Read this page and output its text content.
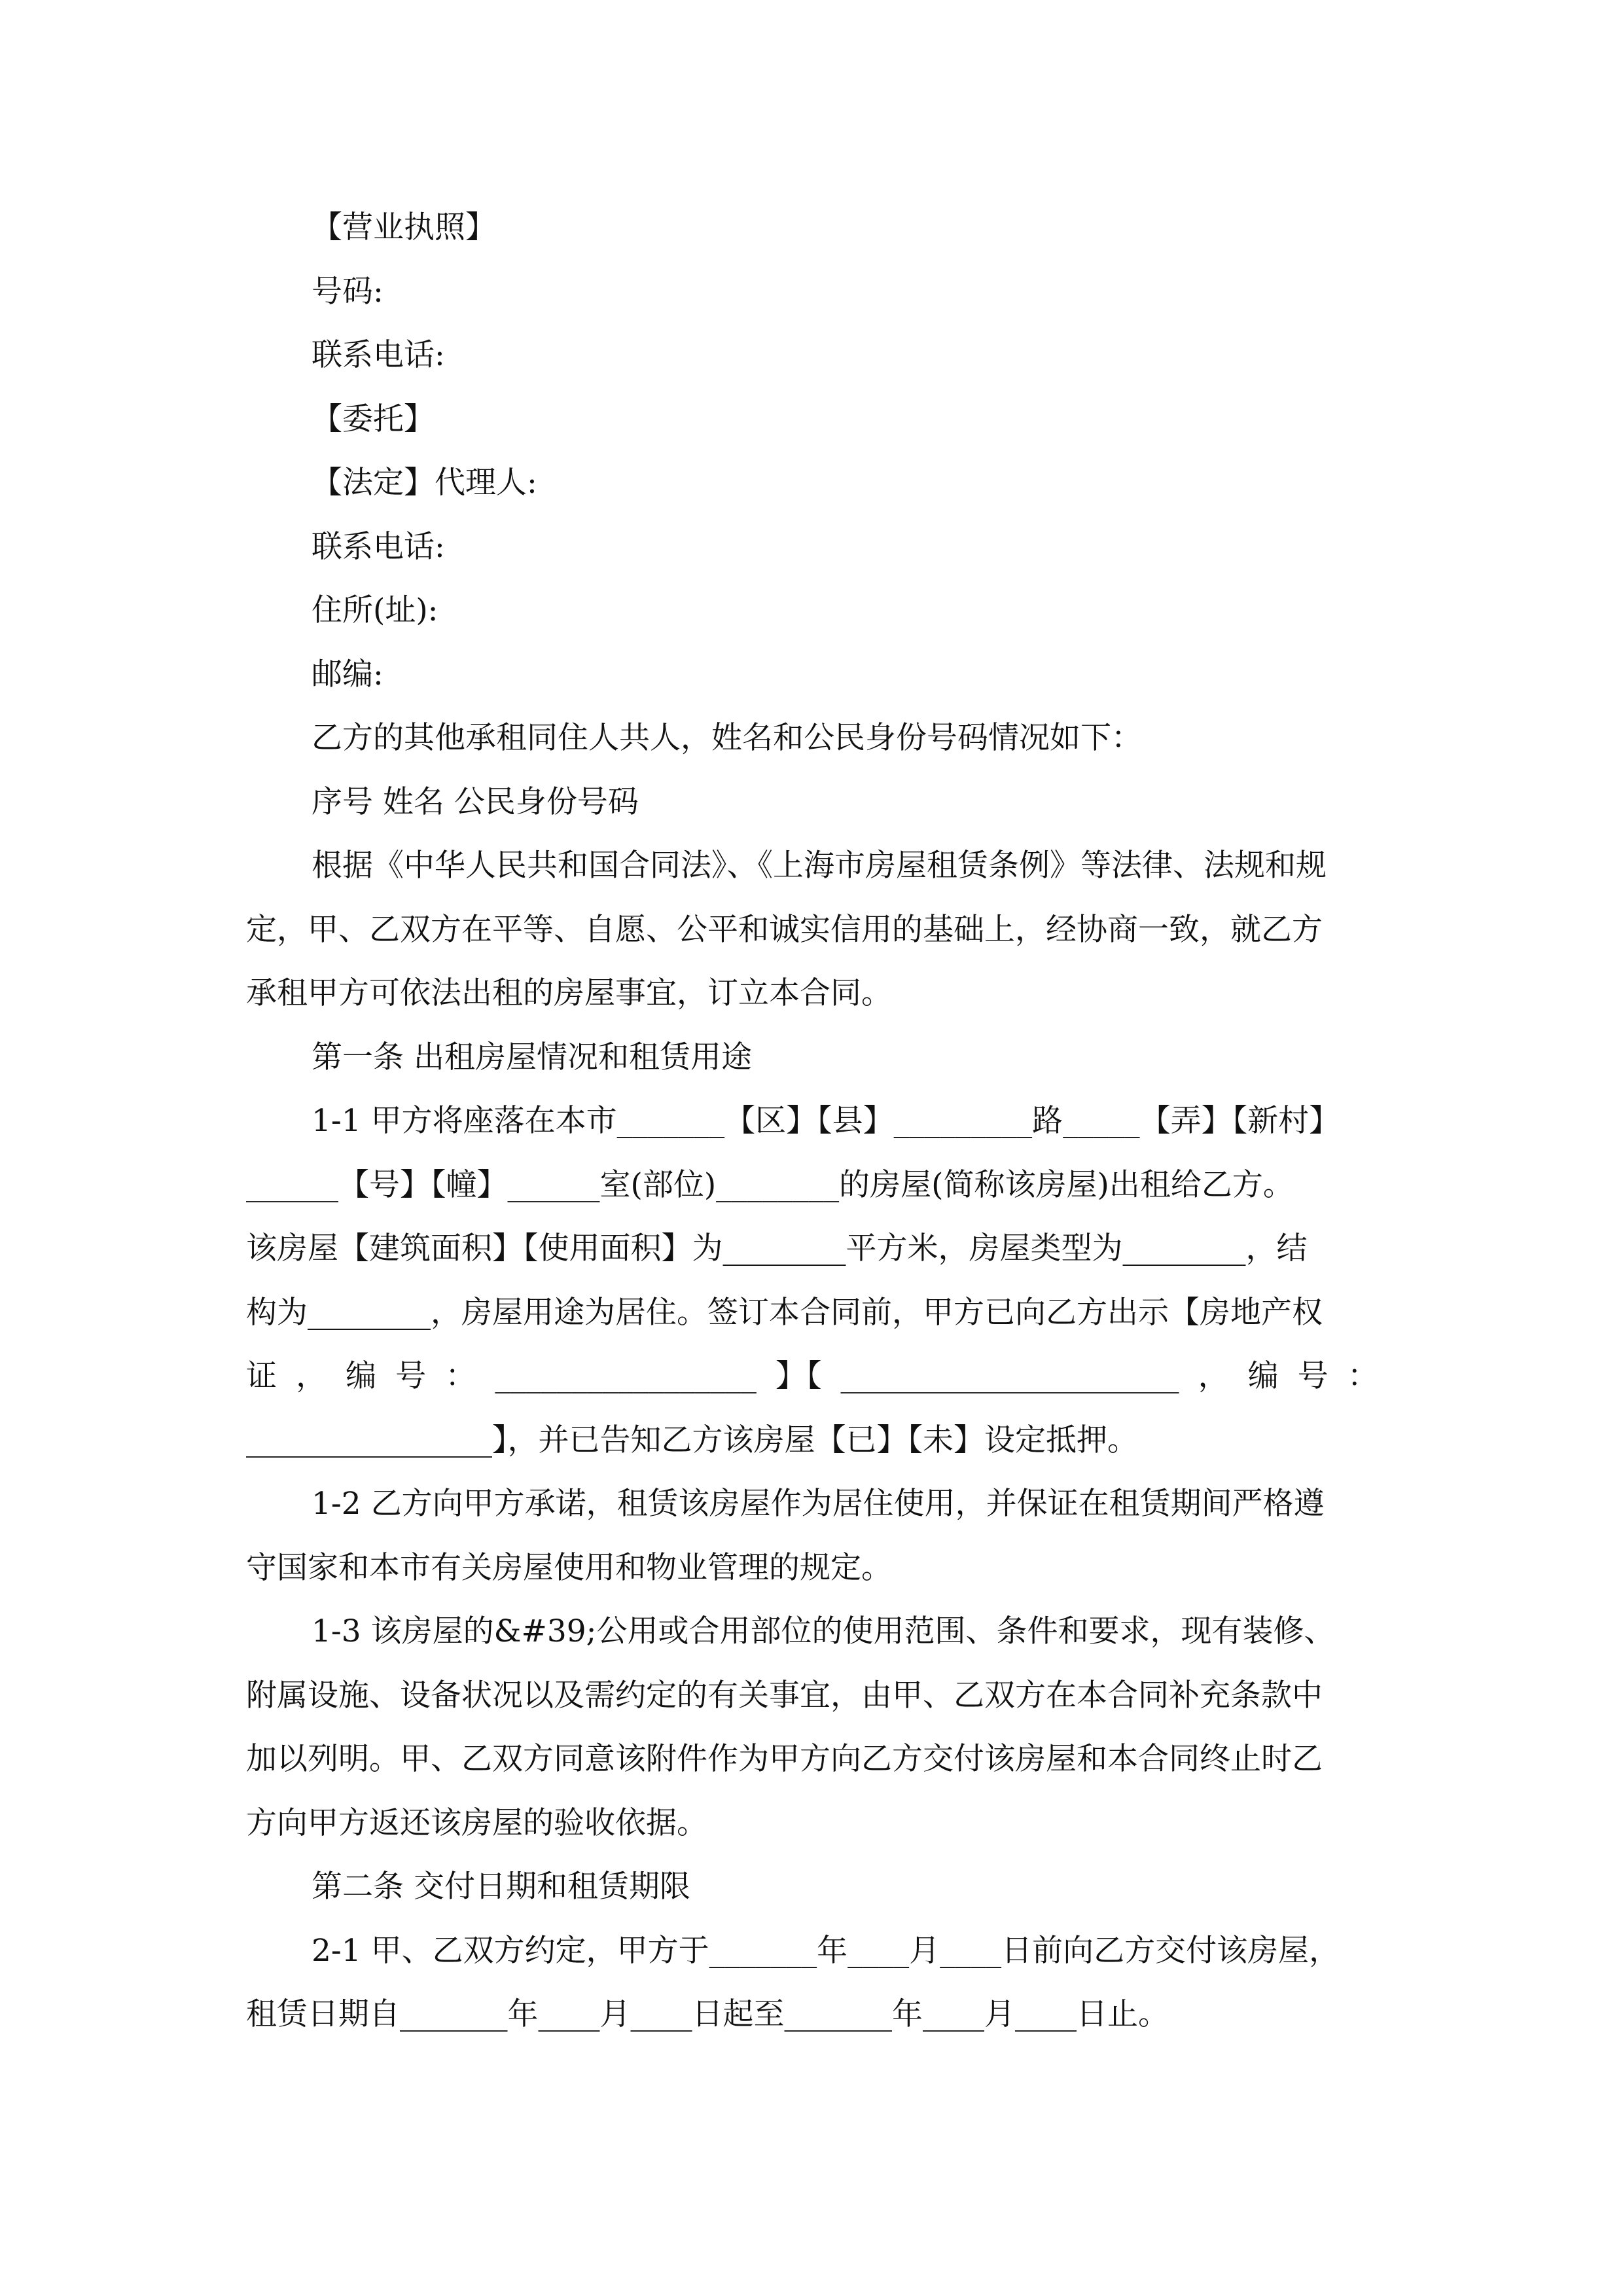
【营业执照】
号码:
联系电话:
【委托】
【法定】代理人:
联系电话:
住所(址):
邮编:
乙方的其他承租同住人共人，姓名和公民身份号码情况如下：
序号 姓名 公民身份号码
根据《中华人民共和国合同法》、《上海市房屋租赁条例》等法律、法规和规
定，甲、乙双方在平等、自愿、公平和诚实信用的基础上，经协商一致，就乙方
承租甲方可依法出租的房屋事宜，订立本合同。
第一条 出租房屋情况和租赁用途
1-1 甲方将座落在本市_______【区】【县】_________路_____【弄】【新村】
______【号】【幢】______室(部位)________的房屋(简称该房屋)出租给乙方。
该房屋【建筑面积】【使用面积】为________平方米，房屋类型为________，结
构为________，房屋用途为居住。签订本合同前，甲方已向乙方出示【房地产权
证 ， 编 号 ： _________________ 】【 ______________________ ， 编 号 ：
________________】，并已告知乙方该房屋【已】【未】设定抵押。
1-2 乙方向甲方承诺，租赁该房屋作为居住使用，并保证在租赁期间严格遵
守国家和本市有关房屋使用和物业管理的规定。
1-3 该房屋的&#39;公用或合用部位的使用范围、条件和要求，现有装修、
附属设施、设备状况以及需约定的有关事宜，由甲、乙双方在本合同补充条款中
加以列明。甲、乙双方同意该附件作为甲方向乙方交付该房屋和本合同终止时乙
方向甲方返还该房屋的验收依据。
第二条 交付日期和租赁期限
2-1 甲、乙双方约定，甲方于_______年____月____日前向乙方交付该房屋，
租赁日期自_______年____月____日起至_______年____月____日止。
